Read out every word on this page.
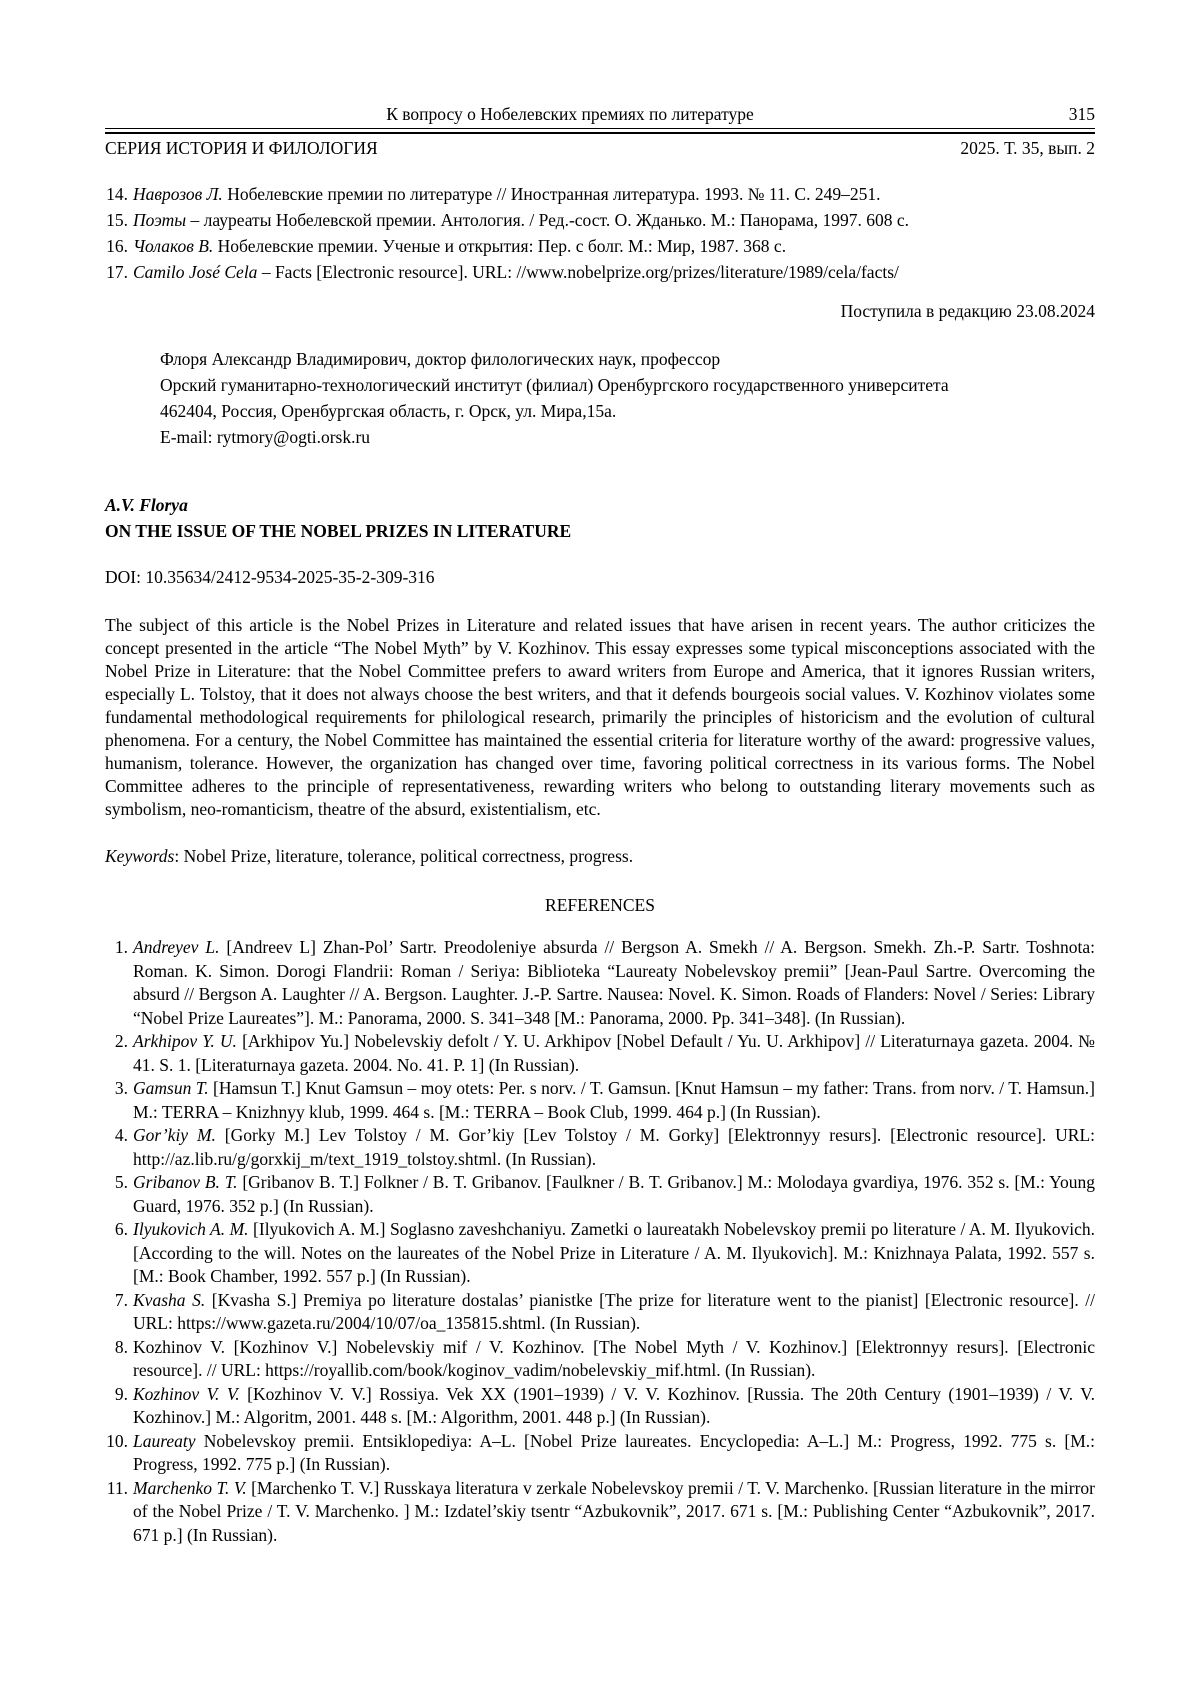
К вопросу о Нобелевских премиях по литературе	315
СЕРИЯ ИСТОРИЯ И ФИЛОЛОГИЯ	2025. Т. 35, вып. 2
14. Наврозов Л. Нобелевские премии по литературе // Иностранная литература. 1993. № 11. С. 249–251.
15. Поэты – лауреаты Нобелевской премии. Антология. / Ред.-сост. О. Жданько. М.: Панорама, 1997. 608 с.
16. Чолаков В. Нобелевские премии. Ученые и открытия: Пер. с болг. М.: Мир, 1987. 368 с.
17. Camilo José Cela – Facts [Electronic resource]. URL: //www.nobelprize.org/prizes/literature/1989/cela/facts/
Поступила в редакцию 23.08.2024
Флоря Александр Владимирович, доктор филологических наук, профессор
Орский гуманитарно-технологический институт (филиал) Оренбургского государственного университета
462404, Россия, Оренбургская область, г. Орск, ул. Мира,15а.
E-mail: rytmory@ogti.orsk.ru
A.V. Florya
ON THE ISSUE OF THE NOBEL PRIZES IN LITERATURE
DOI: 10.35634/2412-9534-2025-35-2-309-316

The subject of this article is the Nobel Prizes in Literature and related issues that have arisen in recent years. The author criticizes the concept presented in the article “The Nobel Myth” by V. Kozhinov. This essay expresses some typical misconceptions associated with the Nobel Prize in Literature: that the Nobel Committee prefers to award writers from Europe and America, that it ignores Russian writers, especially L. Tolstoy, that it does not always choose the best writers, and that it defends bourgeois social values. V. Kozhinov violates some fundamental methodological requirements for philological research, primarily the principles of historicism and the evolution of cultural phenomena. For a century, the Nobel Committee has maintained the essential criteria for literature worthy of the award: progressive values, humanism, tolerance. However, the organization has changed over time, favoring political correctness in its various forms. The Nobel Committee adheres to the principle of representativeness, rewarding writers who belong to outstanding literary movements such as symbolism, neo-romanticism, theatre of the absurd, existentialism, etc.

Keywords: Nobel Prize, literature, tolerance, political correctness, progress.

REFERENCES
1. Andreyev L. [Andreev L] Zhan-Pol’ Sartr. Preodoleniye absurda // Bergson A. Smekh // A. Bergson. Smekh. Zh.-P. Sartr. Toshnota: Roman. K. Simon. Dorogi Flandrii: Roman / Seriya: Biblioteka “Laureaty Nobelevskoy premii” [Jean-Paul Sartre. Overcoming the absurd // Bergson A. Laughter // A. Bergson. Laughter. J.-P. Sartre. Nausea: Novel. K. Simon. Roads of Flanders: Novel / Series: Library “Nobel Prize Laureates”]. M.: Panorama, 2000. S. 341–348 [M.: Panorama, 2000. Pp. 341–348]. (In Russian).
2. Arkhipov Y. U. [Arkhipov Yu.] Nobelevskiy defolt / Y. U. Arkhipov [Nobel Default / Yu. U. Arkhipov] // Literaturnaya gazeta. 2004. № 41. S. 1. [Literaturnaya gazeta. 2004. No. 41. P. 1] (In Russian).
3. Gamsun T. [Hamsun T.] Knut Gamsun – moy otets: Per. s norv. / T. Gamsun. [Knut Hamsun – my father: Trans. from norv. / T. Hamsun.] M.: TERRA – Knizhnyy klub, 1999. 464 s. [M.: TERRA – Book Club, 1999. 464 p.] (In Russian).
4. Gor’kiy M. [Gorky M.] Lev Tolstoy / M. Gor’kiy [Lev Tolstoy / M. Gorky] [Elektronnyy resurs]. [Electronic resource]. URL: http://az.lib.ru/g/gorxkij_m/text_1919_tolstoy.shtml. (In Russian).
5. Gribanov B. T. [Gribanov B. T.] Folkner / B. T. Gribanov. [Faulkner / B. T. Gribanov.] M.: Molodaya gvardiya, 1976. 352 s. [M.: Young Guard, 1976. 352 p.] (In Russian).
6. Ilyukovich A. M. [Ilyukovich A. M.] Soglasno zaveshchaniyu. Zametki o laureatakh Nobelevskoy premii po literature / A. M. Ilyukovich. [According to the will. Notes on the laureates of the Nobel Prize in Literature / A. M. Ilyukovich]. M.: Knizhnaya Palata, 1992. 557 s. [M.: Book Chamber, 1992. 557 p.] (In Russian).
7. Kvasha S. [Kvasha S.] Premiya po literature dostalas’ pianistke [The prize for literature went to the pianist] [Electronic resource]. // URL: https://www.gazeta.ru/2004/10/07/oa_135815.shtml. (In Russian).
8. Kozhinov V. [Kozhinov V.] Nobelevskiy mif / V. Kozhinov. [The Nobel Myth / V. Kozhinov.] [Elektronnyy resurs]. [Electronic resource]. // URL: https://royallib.com/book/koginov_vadim/nobelevskiy_mif.html. (In Russian).
9. Kozhinov V. V. [Kozhinov V. V.] Rossiya. Vek XX (1901–1939) / V. V. Kozhinov. [Russia. The 20th Century (1901–1939) / V. V. Kozhinov.] M.: Algoritm, 2001. 448 s. [M.: Algorithm, 2001. 448 p.] (In Russian).
10. Laureaty Nobelevskoy premii. Entsiklopediya: A–L. [Nobel Prize laureates. Encyclopedia: A–L.] M.: Progress, 1992. 775 s. [M.: Progress, 1992. 775 p.] (In Russian).
11. Marchenko T. V. [Marchenko T. V.] Russkaya literatura v zerkale Nobelevskoy premii / T. V. Marchenko. [Russian literature in the mirror of the Nobel Prize / T. V. Marchenko. ] M.: Izdatel’skiy tsentr “Azbukovnik”, 2017. 671 s. [M.: Publishing Center “Azbukovnik”, 2017. 671 p.] (In Russian).
